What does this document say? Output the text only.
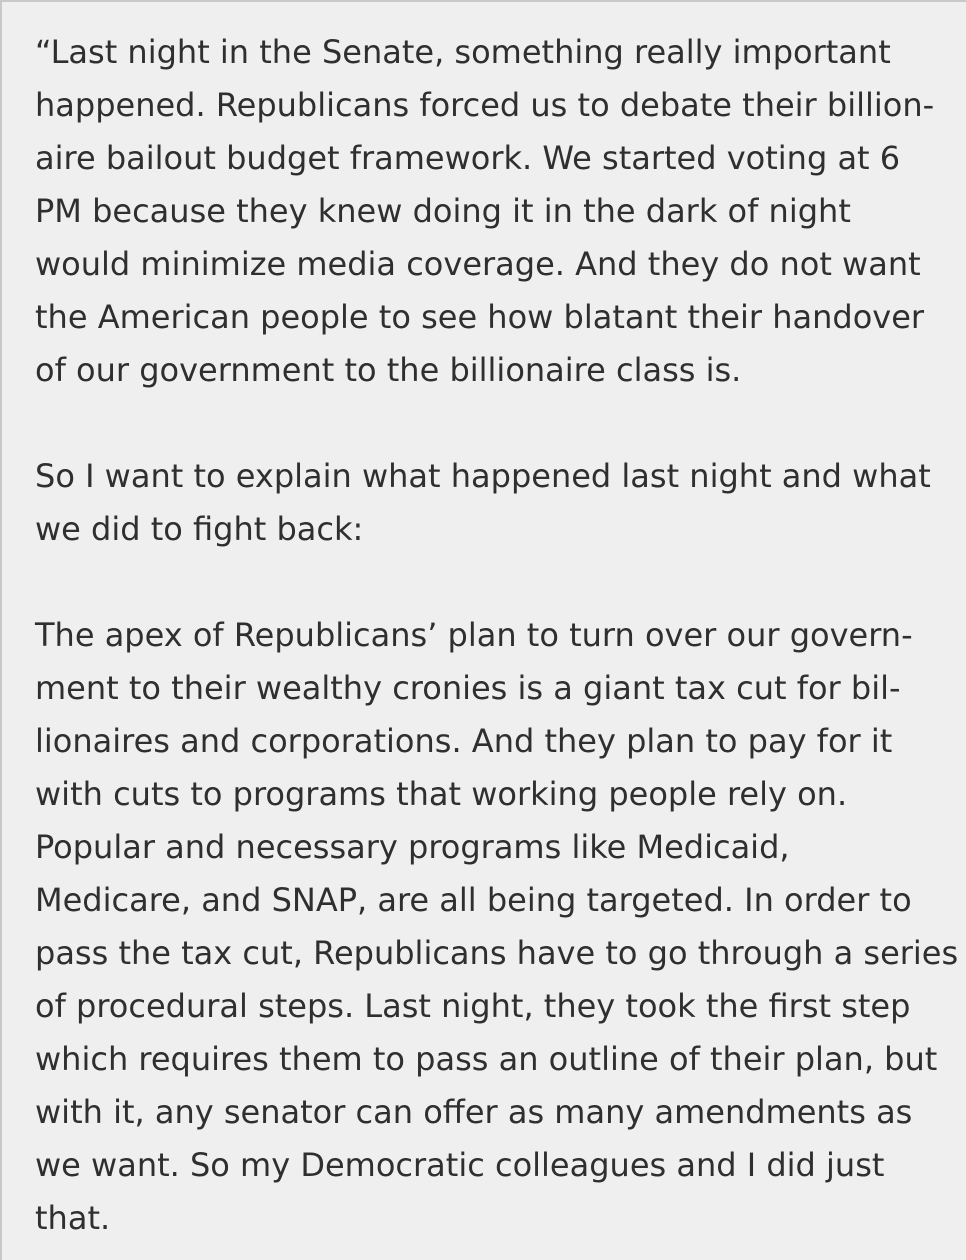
“Last night in the Senate, something really important
happened. Republicans forced us to debate their billion-
aire bailout budget framework. We started voting at 6
PM because they knew doing it in the dark of night
would minimize media coverage. And they do not want
the American people to see how blatant their handover
of our government to the billionaire class is.
So I want to explain what happened last night and what
we did to fight back:
The apex of Republicans’ plan to turn over our govern-
ment to their wealthy cronies is a giant tax cut for bil-
lionaires and corporations. And they plan to pay for it
with cuts to programs that working people rely on.
Popular and necessary programs like Medicaid,
Medicare, and SNAP, are all being targeted. In order to
pass the tax cut, Republicans have to go through a series
of procedural steps. Last night, they took the first step
which requires them to pass an outline of their plan, but
with it, any senator can offer as many amendments as
we want. So my Democratic colleagues and I did just
that.
